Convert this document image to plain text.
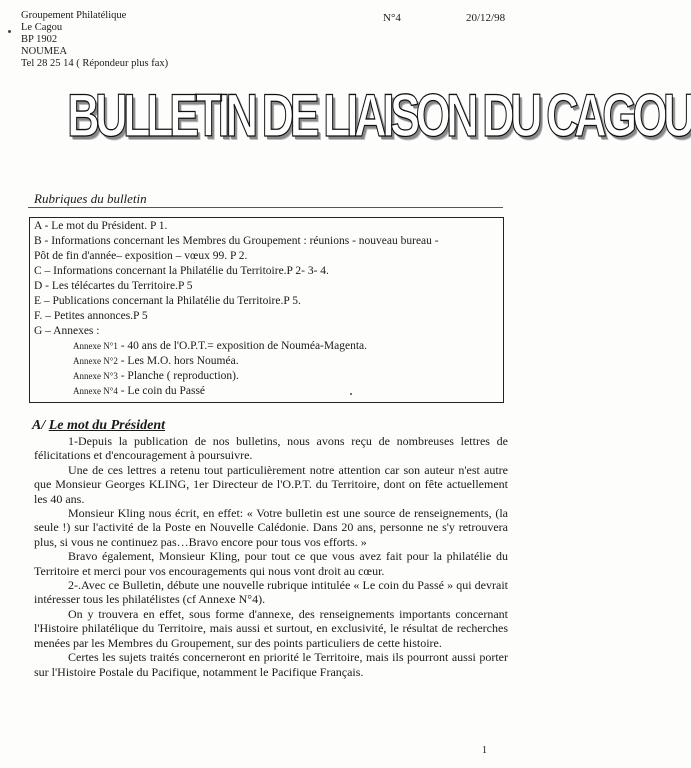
Groupement Philatélique
Le Cagou
BP 1902
NOUMEA
Tel 28 25 14 ( Répondeur plus fax)
N°4	20/12/98
BULLETIN DE LIAISON DU CAGOU
Rubriques du bulletin
A - Le mot du Président. P 1.
B - Informations concernant les Membres du Groupement : réunions - nouveau bureau -
Pôt de fin d'année– exposition – vœux 99. P 2.
C – Informations concernant la Philatélie du Territoire.P 2- 3- 4.
D - Les télécartes du Territoire.P 5
E – Publications concernant la Philatélie du Territoire.P 5.
F. – Petites annonces.P 5
G – Annexes :
Annexe N°1 - 40 ans de l'O.P.T.= exposition de Nouméa-Magenta.
Annexe N°2 - Les M.O. hors Nouméa.
Annexe N°3 - Planche ( reproduction).
Annexe N°4 - Le coin du Passé
A/ Le mot du Président

1-Depuis la publication de nos bulletins, nous avons reçu de nombreuses lettres de félicitations et d'encouragement à poursuivre.

Une de ces lettres a retenu tout particulièrement notre attention car son auteur n'est autre que Monsieur Georges KLING, 1er Directeur de l'O.P.T. du Territoire, dont on fête actuellement les 40 ans.

Monsieur Kling nous écrit, en effet: « Votre bulletin est une source de renseignements, (la seule !) sur l'activité de la Poste en Nouvelle Calédonie. Dans 20 ans, personne ne s'y retrouvera plus, si vous ne continuez pas…Bravo encore pour tous vos efforts. »

Bravo également, Monsieur Kling, pour tout ce que vous avez fait pour la philatélie du Territoire et merci pour vos encouragements qui nous vont droit au cœur.

2-.Avec ce Bulletin, débute une nouvelle rubrique intitulée « Le coin du Passé » qui devrait intéresser tous les philatélistes (cf Annexe N°4).

On y trouvera en effet, sous forme d'annexe, des renseignements importants concernant l'Histoire philatélique du Territoire, mais aussi et surtout, en exclusivité, le résultat de recherches menées par les Membres du Groupement, sur des points particuliers de cette histoire.

Certes les sujets traités concerneront en priorité le Territoire, mais ils pourront aussi porter sur l'Histoire Postale du Pacifique, notamment le Pacifique Français.

1
